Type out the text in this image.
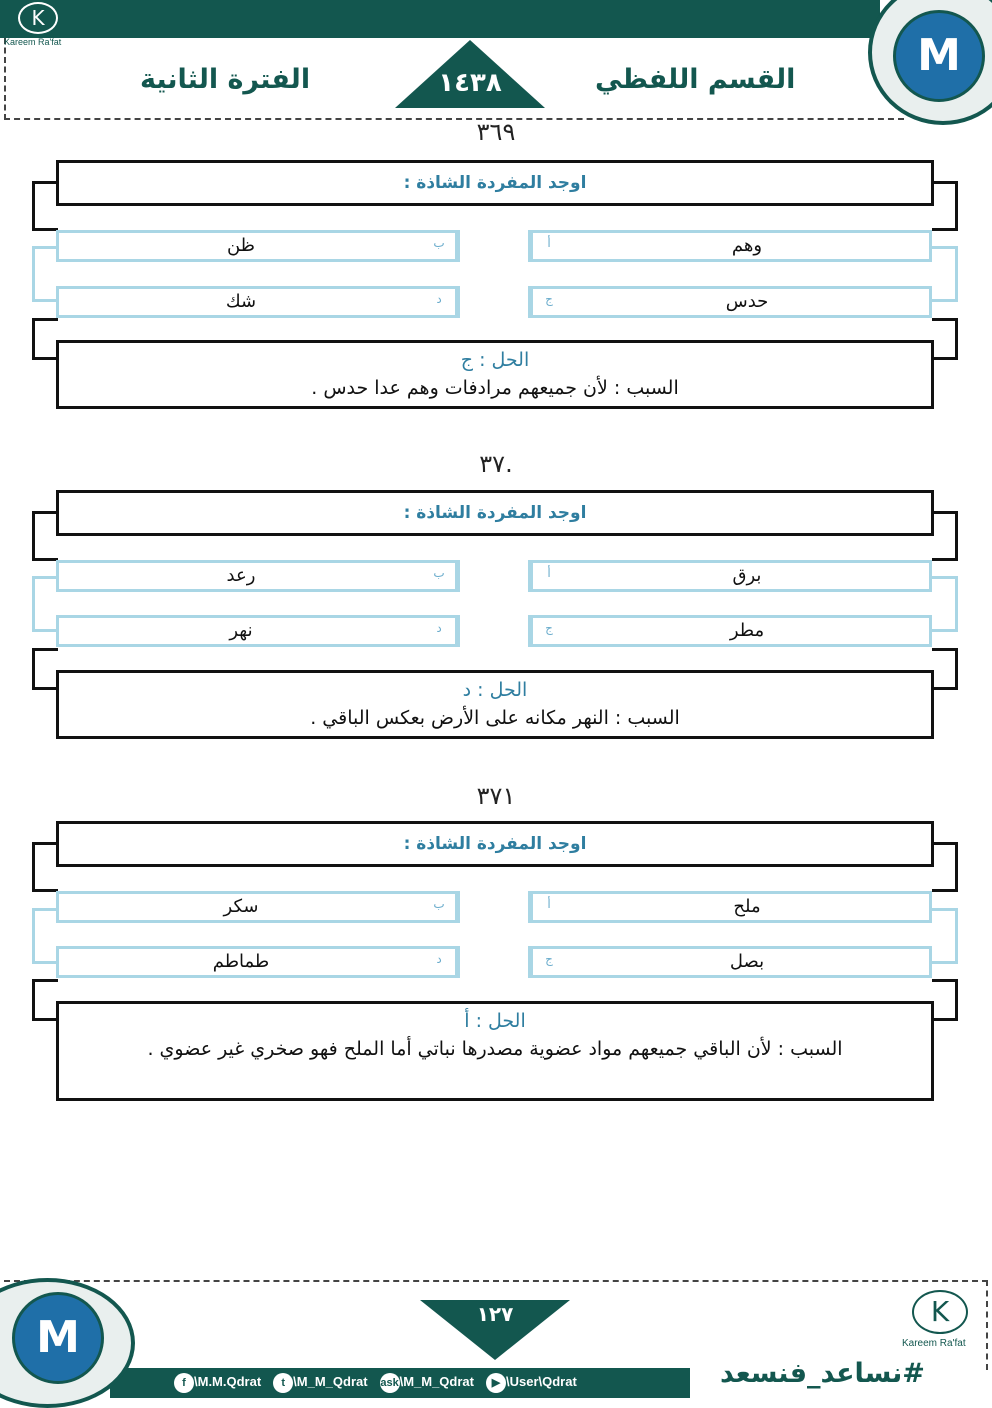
K
Kareem Ra'fat
الفترة الثانية	القسم اللفظي
١٤٣٨
M
٣٦٩
اوجد المفردة الشاذة :
أ	وهم
ظن	ب
ج	حدس
شك	د
الحل : ج
السبب : لأن جميعهم مرادفات وهم عدا حدس .
٣٧.
اوجد المفردة الشاذة :
أ	برق
رعد	ب
ج	مطر
نهر	د
الحل : د
السبب : النهر مكانه على الأرض بعكس الباقي .
٣٧١
اوجد المفردة الشاذة :
أ	ملح
سكر	ب
ج	بصل
طماطم	د
الحل : أ
السبب : لأن الباقي جميعهم مواد عضوية مصدرها نباتي أما الملح فهو صخري غير عضوي .
M	١٢٧	K
Kareem Ra'fat
f \M.M.Qdrat	t \M_M_Qdrat	ask\M_M_Qdrat	▶ \User\Qdrat	#نساعد_فنسعد
